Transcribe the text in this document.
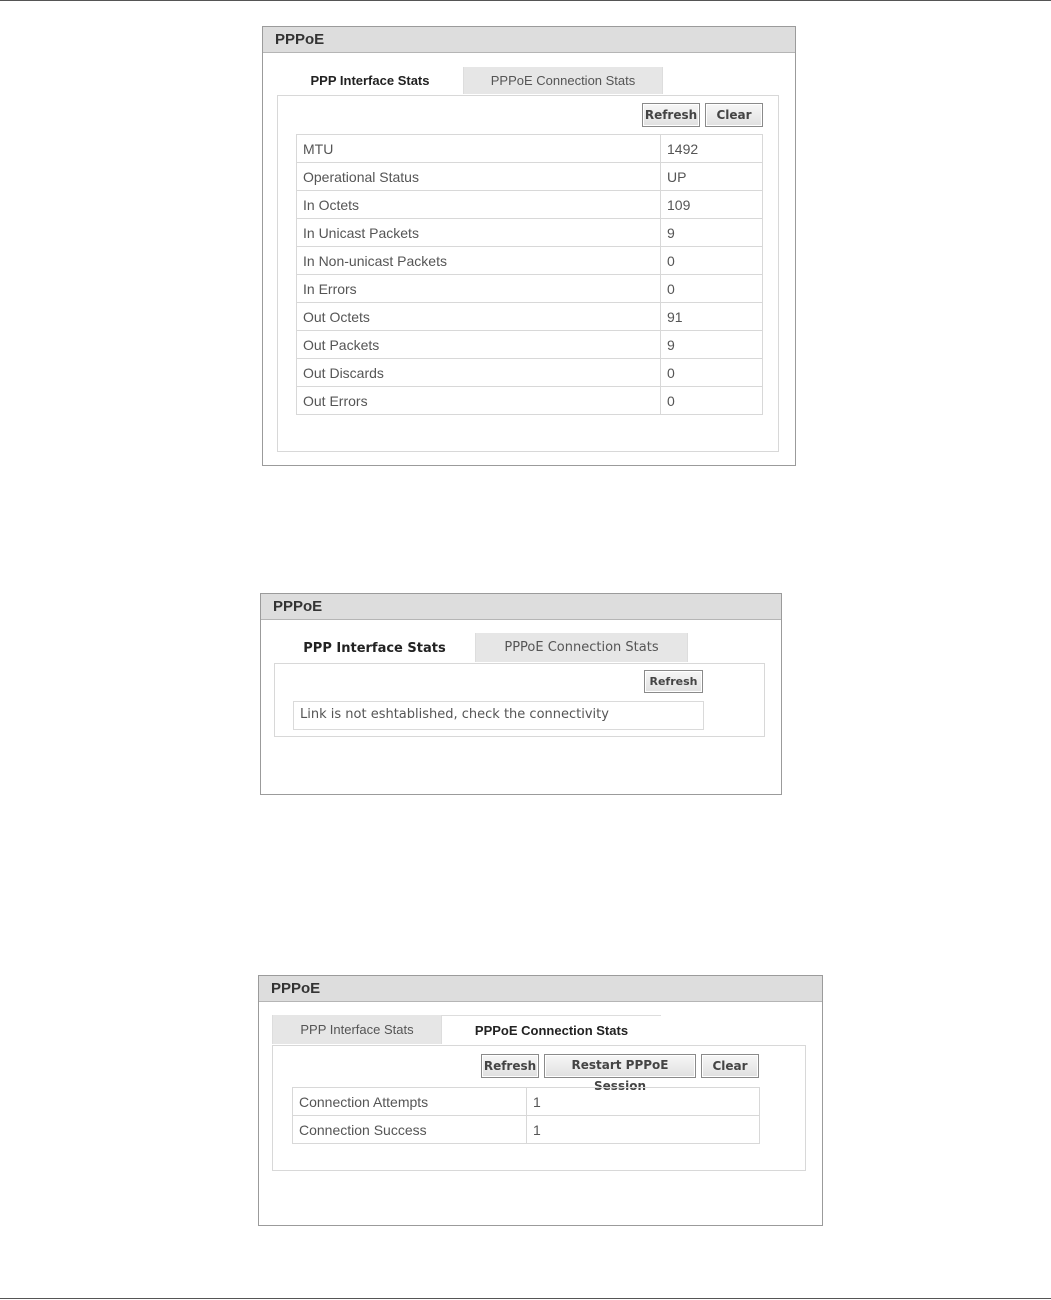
PPPoE
PPP Interface Stats	PPPoE Connection Stats
Refresh	Clear
MTU	1492
Operational Status	UP
In Octets	109
In Unicast Packets	9
In Non-unicast Packets	0
In Errors	0
Out Octets	91
Out Packets	9
Out Discards	0
Out Errors	0
PPPoE
PPP Interface Stats	PPPoE Connection Stats
Refresh
Link is not eshtablished, check the connectivity
PPPoE
PPP Interface Stats	PPPoE Connection Stats
Refresh	Restart PPPoE Session
Clear
Connection Attempts	1
Connection Success	1
